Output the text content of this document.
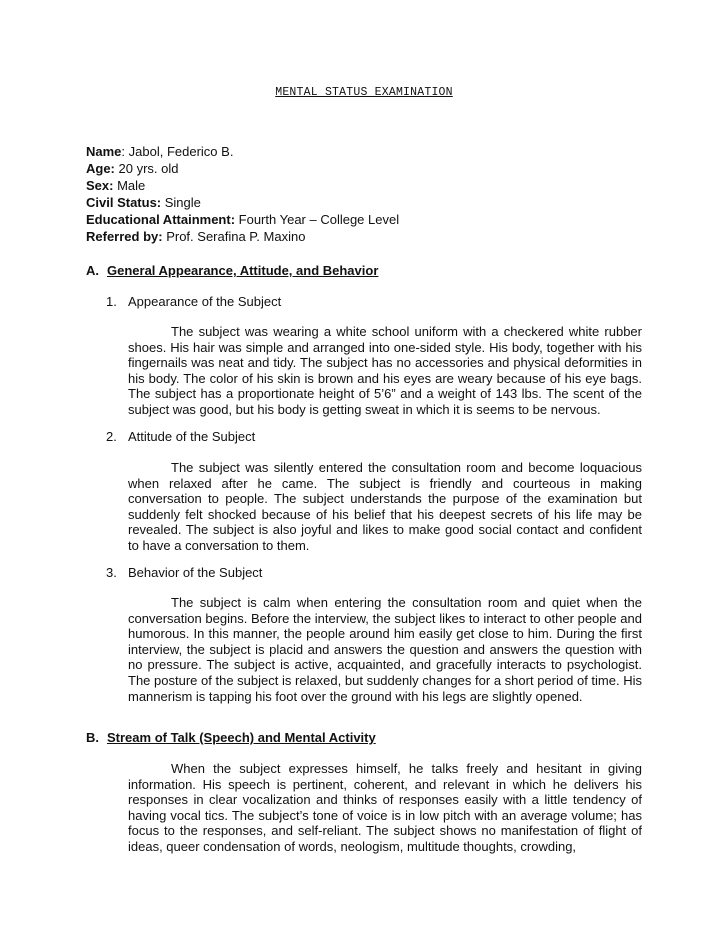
MENTAL STATUS EXAMINATION
Name: Jabol, Federico B.
Age: 20 yrs. old
Sex: Male
Civil Status: Single
Educational Attainment: Fourth Year – College Level
Referred by: Prof. Serafina P. Maxino
A. General Appearance, Attitude, and Behavior
1. Appearance of the Subject

The subject was wearing a white school uniform with a checkered white rubber shoes. His hair was simple and arranged into one-sided style. His body, together with his fingernails was neat and tidy. The subject has no accessories and physical deformities in his body. The color of his skin is brown and his eyes are weary because of his eye bags. The subject has a proportionate height of 5’6” and a weight of 143 lbs. The scent of the subject was good, but his body is getting sweat in which it is seems to be nervous.

2. Attitude of the Subject

The subject was silently entered the consultation room and become loquacious when relaxed after he came. The subject is friendly and courteous in making conversation to people. The subject understands the purpose of the examination but suddenly felt shocked because of his belief that his deepest secrets of his life may be revealed. The subject is also joyful and likes to make good social contact and confident to have a conversation to them.

3. Behavior of the Subject

The subject is calm when entering the consultation room and quiet when the conversation begins. Before the interview, the subject likes to interact to other people and humorous. In this manner, the people around him easily get close to him. During the first interview, the subject is placid and answers the question and answers the question with no pressure. The subject is active, acquainted, and gracefully interacts to psychologist. The posture of the subject is relaxed, but suddenly changes for a short period of time. His mannerism is tapping his foot over the ground with his legs are slightly opened.

B. Stream of Talk (Speech) and Mental Activity

When the subject expresses himself, he talks freely and hesitant in giving information. His speech is pertinent, coherent, and relevant in which he delivers his responses in clear vocalization and thinks of responses easily with a little tendency of having vocal tics. The subject’s tone of voice is in low pitch with an average volume; has focus to the responses, and self-reliant. The subject shows no manifestation of flight of ideas, queer condensation of words, neologism, multitude thoughts, crowding,
